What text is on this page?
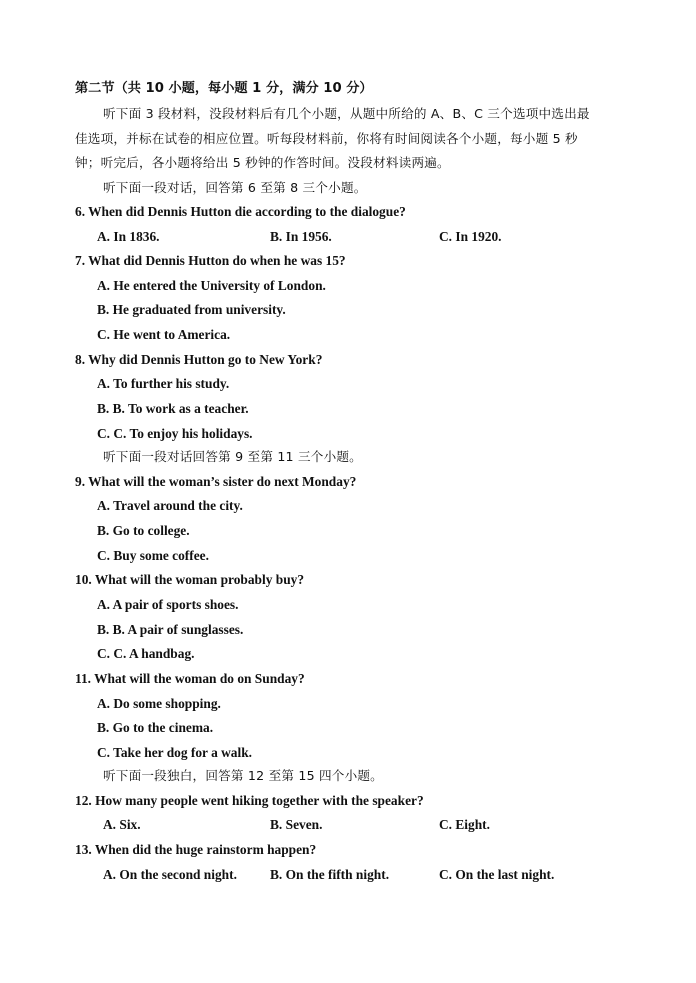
第二节（共 10 小题，每小题 1 分，满分 10 分）
听下面 3 段材料，没段材料后有几个小题，从题中所给的 A、B、C 三个选项中选出最
佳选项，并标在试卷的相应位置。听每段材料前，你将有时间阅读各个小题，每小题 5 秒
钟；听完后，各小题将给出 5 秒钟的作答时间。没段材料读两遍。
听下面一段对话，回答第 6 至第 8 三个小题。
6. When did Dennis Hutton die according to the dialogue?
A. In 1836.	B. In 1956.	C. In 1920.
7. What did Dennis Hutton do when he was 15?
A. He entered the University of London.
B. He graduated from university.
C. He went to America.
8. Why did Dennis Hutton go to New York?
A. To further his study.
B. B. To work as a teacher.
C. C. To enjoy his holidays.
听下面一段对话回答第 9 至第 11 三个小题。
9. What will the woman’s sister do next Monday?
A. Travel around the city.
B. Go to college.
C. Buy some coffee.
10. What will the woman probably buy?
A. A pair of sports shoes.
B. B. A pair of sunglasses.
C. C. A handbag.
11. What will the woman do on Sunday?
A. Do some shopping.
B. Go to the cinema.
C. Take her dog for a walk.
听下面一段独白，回答第 12 至第 15 四个小题。
12. How many people went hiking together with the speaker?
A. Six.	B. Seven.	C. Eight.
13. When did the huge rainstorm happen?
A. On the second night. B. On the fifth night.	C. On the last night.
